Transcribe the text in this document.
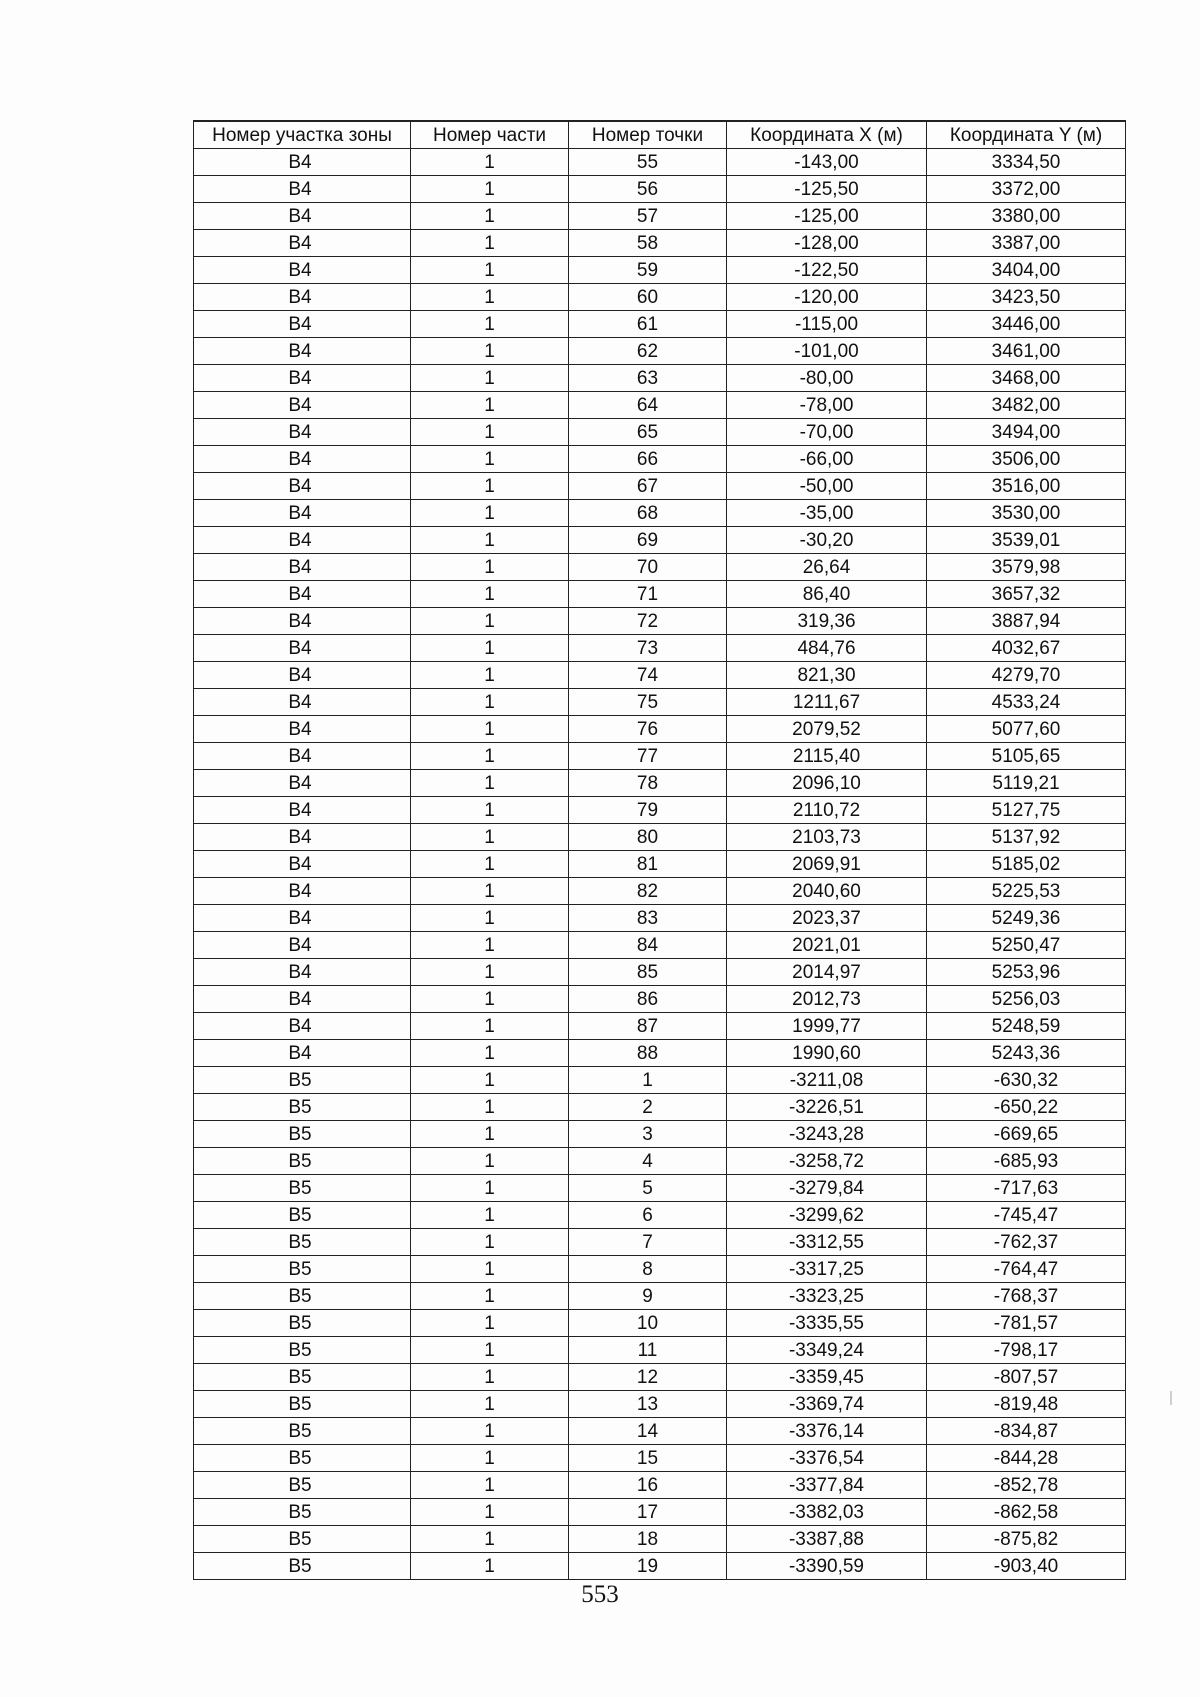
Номер участка зоны	Номер части	Номер точки	Координата X (м)	Координата Y (м)
В4	1	55	-143,00	3334,50
В4	1	56	-125,50	3372,00
В4	1	57	-125,00	3380,00
В4	1	58	-128,00	3387,00
В4	1	59	-122,50	3404,00
В4	1	60	-120,00	3423,50
В4	1	61	-115,00	3446,00
В4	1	62	-101,00	3461,00
В4	1	63	-80,00	3468,00
В4	1	64	-78,00	3482,00
В4	1	65	-70,00	3494,00
В4	1	66	-66,00	3506,00
В4	1	67	-50,00	3516,00
В4	1	68	-35,00	3530,00
В4	1	69	-30,20	3539,01
В4	1	70	26,64	3579,98
В4	1	71	86,40	3657,32
В4	1	72	319,36	3887,94
В4	1	73	484,76	4032,67
В4	1	74	821,30	4279,70
В4	1	75	1211,67	4533,24
В4	1	76	2079,52	5077,60
В4	1	77	2115,40	5105,65
В4	1	78	2096,10	5119,21
В4	1	79	2110,72	5127,75
В4	1	80	2103,73	5137,92
В4	1	81	2069,91	5185,02
В4	1	82	2040,60	5225,53
В4	1	83	2023,37	5249,36
В4	1	84	2021,01	5250,47
В4	1	85	2014,97	5253,96
В4	1	86	2012,73	5256,03
В4	1	87	1999,77	5248,59
В4	1	88	1990,60	5243,36
В5	1	1	-3211,08	-630,32
В5	1	2	-3226,51	-650,22
В5	1	3	-3243,28	-669,65
В5	1	4	-3258,72	-685,93
В5	1	5	-3279,84	-717,63
В5	1	6	-3299,62	-745,47
В5	1	7	-3312,55	-762,37
В5	1	8	-3317,25	-764,47
В5	1	9	-3323,25	-768,37
В5	1	10	-3335,55	-781,57
В5	1	11	-3349,24	-798,17
В5	1	12	-3359,45	-807,57
В5	1	13	-3369,74	-819,48
В5	1	14	-3376,14	-834,87
В5	1	15	-3376,54	-844,28
В5	1	16	-3377,84	-852,78
В5	1	17	-3382,03	-862,58
В5	1	18	-3387,88	-875,82
В5	1	19	-3390,59	-903,40
553
